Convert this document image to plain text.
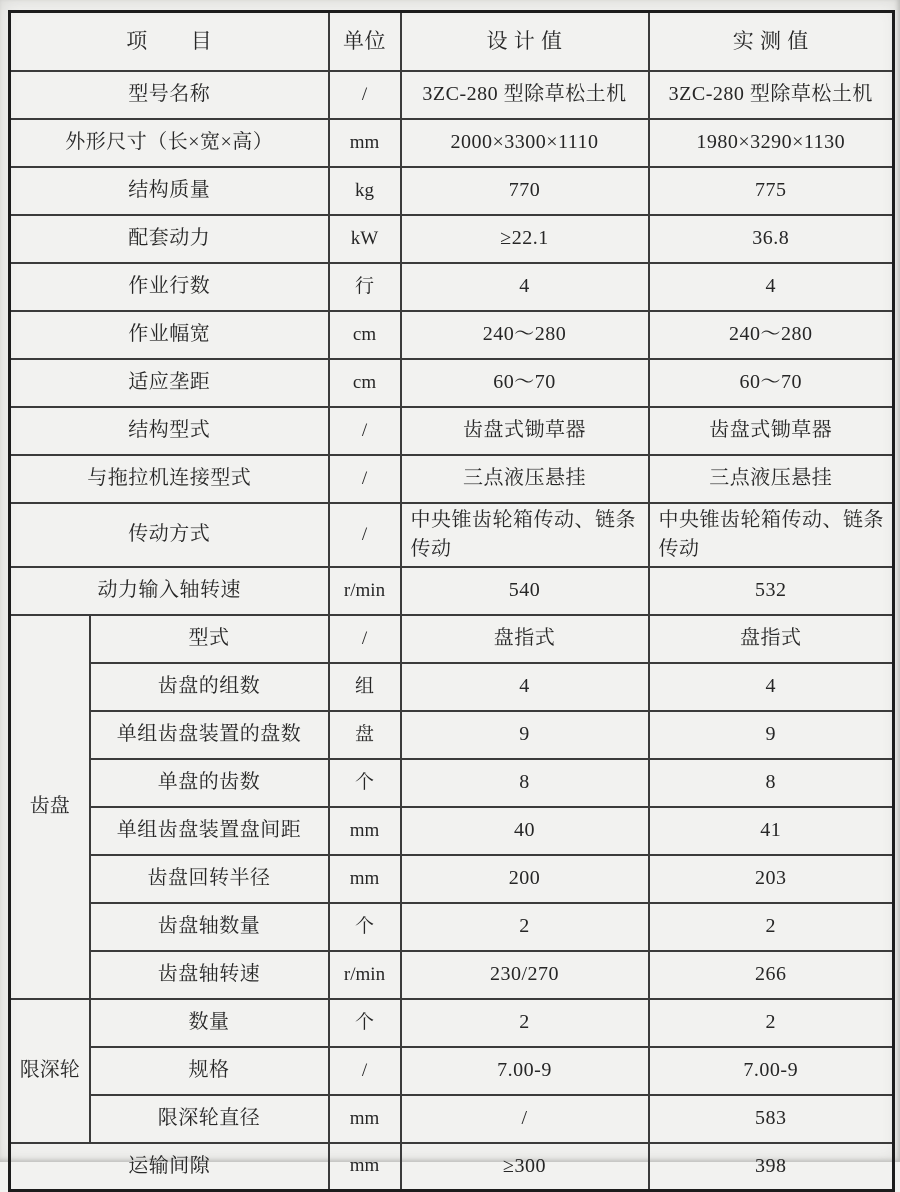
项　　目		单位	设 计 值	实 测 值
型号名称		/	3ZC-280 型除草松土机	3ZC-280 型除草松土机
外形尺寸（长×宽×高）		mm	2000×3300×1110	1980×3290×1130
结构质量		kg	770	775
配套动力		kW	≥22.1	36.8
作业行数		行	4	4
作业幅宽		cm	240～280	240～280
适应垄距		cm	60～70	60～70
结构型式		/	齿盘式锄草器	齿盘式锄草器
与拖拉机连接型式		/	三点液压悬挂	三点液压悬挂
传动方式		/	中央锥齿轮箱传动、链条传动	中央锥齿轮箱传动、链条传动
动力输入轴转速		r/min	540	532
齿盘	型式	/	盘指式	盘指式
	齿盘的组数	组	4	4
	单组齿盘装置的盘数	盘	9	9
	单盘的齿数	个	8	8
	单组齿盘装置盘间距	mm	40	41
	齿盘回转半径	mm	200	203
	齿盘轴数量	个	2	2
	齿盘轴转速	r/min	230/270	266
限深轮	数量	个	2	2
	规格	/	7.00-9	7.00-9
	限深轮直径	mm	/	583
运输间隙		mm	≥300	398
